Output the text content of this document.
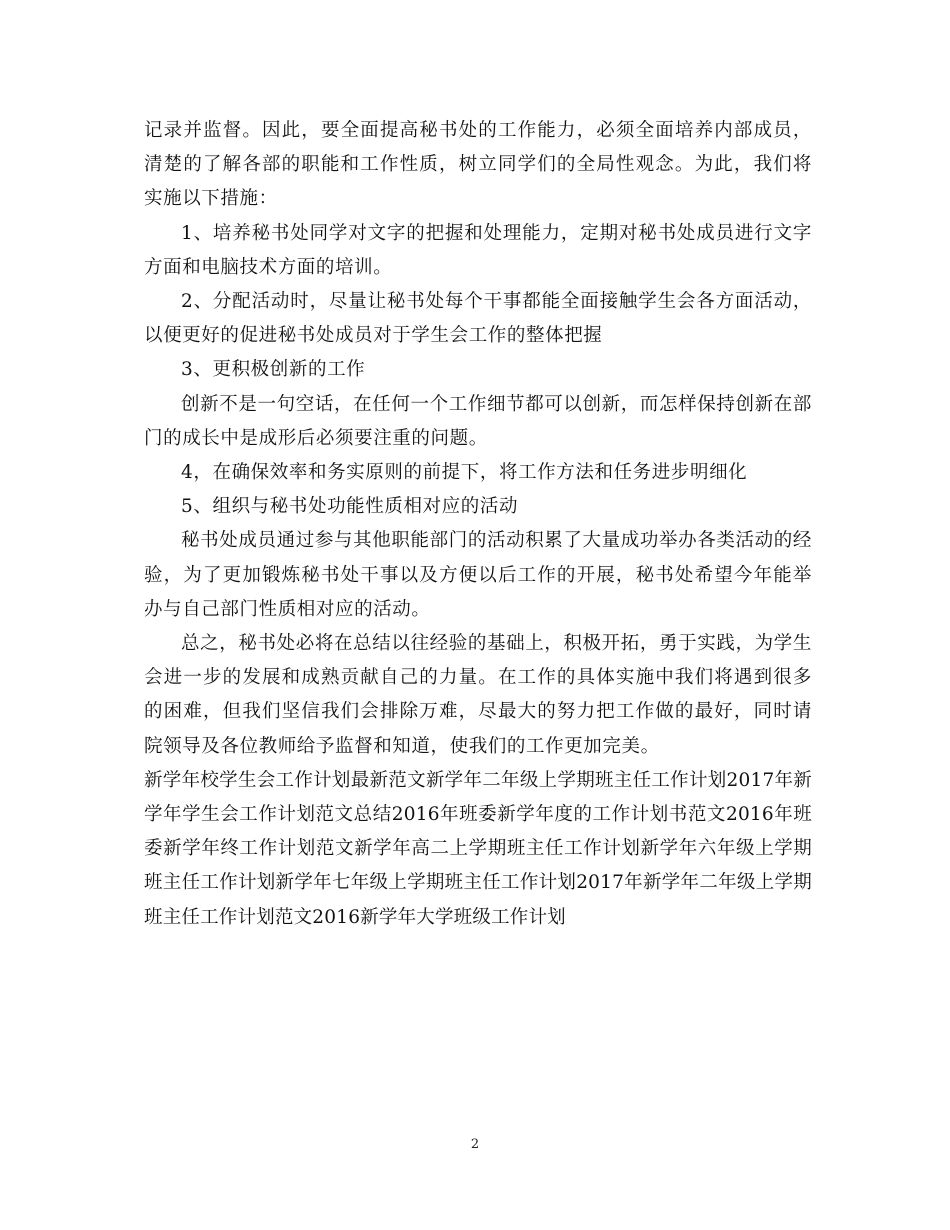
记录并监督。因此，要全面提高秘书处的工作能力，必须全面培养内部成员，清楚的了解各部的职能和工作性质，树立同学们的全局性观念。为此，我们将实施以下措施：

1、培养秘书处同学对文字的把握和处理能力，定期对秘书处成员进行文字方面和电脑技术方面的培训。

2、分配活动时，尽量让秘书处每个干事都能全面接触学生会各方面活动，以便更好的促进秘书处成员对于学生会工作的整体把握

3、更积极创新的工作

创新不是一句空话，在任何一个工作细节都可以创新，而怎样保持创新在部门的成长中是成形后必须要注重的问题。

4，在确保效率和务实原则的前提下，将工作方法和任务进步明细化

5、组织与秘书处功能性质相对应的活动

秘书处成员通过参与其他职能部门的活动积累了大量成功举办各类活动的经验，为了更加锻炼秘书处干事以及方便以后工作的开展，秘书处希望今年能举办与自己部门性质相对应的活动。

总之，秘书处必将在总结以往经验的基础上，积极开拓，勇于实践，为学生会进一步的发展和成熟贡献自己的力量。在工作的具体实施中我们将遇到很多的困难，但我们坚信我们会排除万难，尽最大的努力把工作做的最好，同时请院领导及各位教师给予监督和知道，使我们的工作更加完美。

新学年校学生会工作计划最新范文新学年二年级上学期班主任工作计划2017年新学年学生会工作计划范文总结2016年班委新学年度的工作计划书范文2016年班委新学年终工作计划范文新学年高二上学期班主任工作计划新学年六年级上学期班主任工作计划新学年七年级上学期班主任工作计划2017年新学年二年级上学期班主任工作计划范文2016新学年大学班级工作计划

2
